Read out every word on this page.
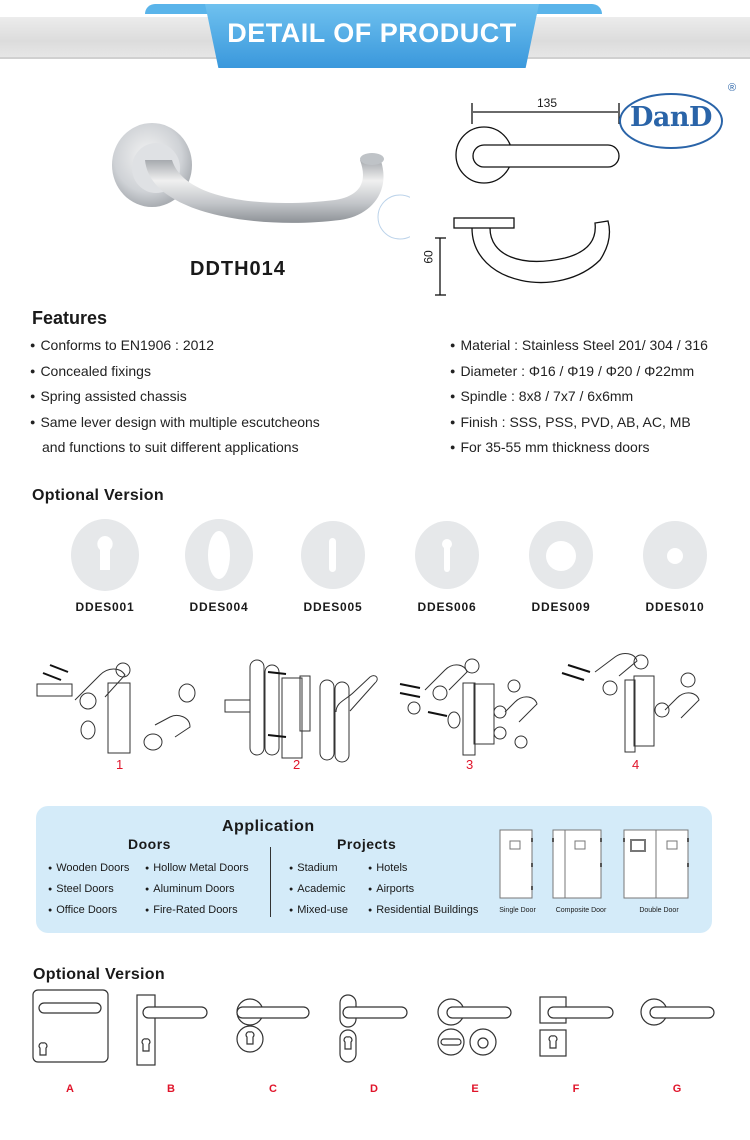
DETAIL OF PRODUCT
DDTH014
135
60
DanD
®
Features
● Conforms to EN1906 : 2012
● Concealed fixings
● Spring assisted chassis
● Same lever design with multiple escutcheons
and functions to suit different applications
● Material : Stainless Steel 201/ 304 / 316
● Diameter : Φ16 / Φ19 / Φ20 / Φ22mm
● Spindle : 8x8 / 7x7 / 6x6mm
● Finish : SSS, PSS, PVD, AB, AC, MB
● For 35-55 mm thickness doors
Optional Version
DDES001	DDES004	DDES005	DDES006	DDES009	DDES010
1	2	3	4
Application
Doors	Projects
● Wooden Doors
● Steel Doors
● Office Doors
● Hollow Metal Doors
● Aluminum Doors
● Fire-Rated Doors
● Stadium
● Academic
● Mixed-use
● Hotels
● Airports
● Residential Buildings	Single Door	Composite Door	Double Door
Optional Version
A	B	C	D	E	F	G
